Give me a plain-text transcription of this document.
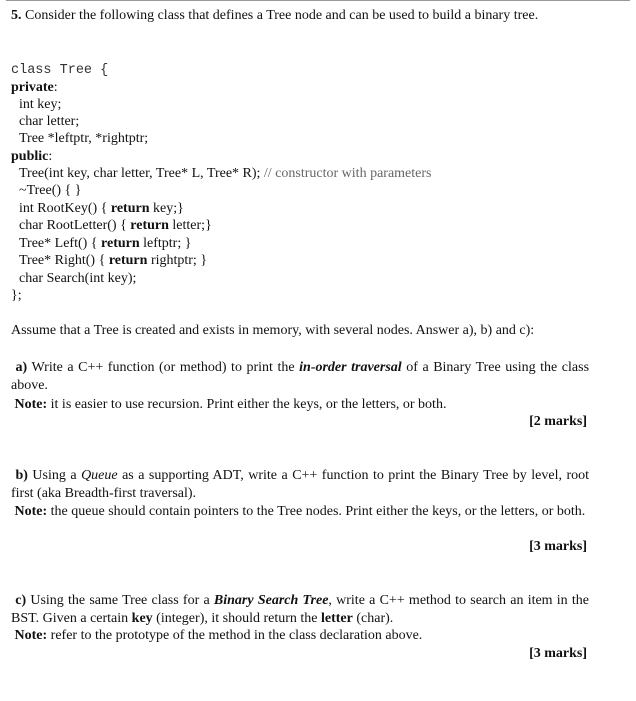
5. Consider the following class that defines a Tree node and can be used to build a binary tree.
class Tree {
private:
int key;
char letter;
Tree *leftptr, *rightptr;
public:
Tree(int key, char letter, Tree* L, Tree* R); // constructor with parameters
~Tree() { }
int RootKey() { return key;}
char RootLetter() { return letter;}
Tree* Left() { return leftptr; }
Tree* Right() { return rightptr; }
char Search(int key);
};
Assume that a Tree is created and exists in memory, with several nodes. Answer a), b) and c):
a) Write a C++ function (or method) to print the in-order traversal of a Binary Tree using the class above.
Note: it is easier to use recursion. Print either the keys, or the letters, or both.
[2 marks]
b) Using a Queue as a supporting ADT, write a C++ function to print the Binary Tree by level, root first (aka Breadth-first traversal).
Note: the queue should contain pointers to the Tree nodes. Print either the keys, or the letters, or both.
[3 marks]
c) Using the same Tree class for a Binary Search Tree, write a C++ method to search an item in the BST. Given a certain key (integer), it should return the letter (char).
Note: refer to the prototype of the method in the class declaration above.
[3 marks]
